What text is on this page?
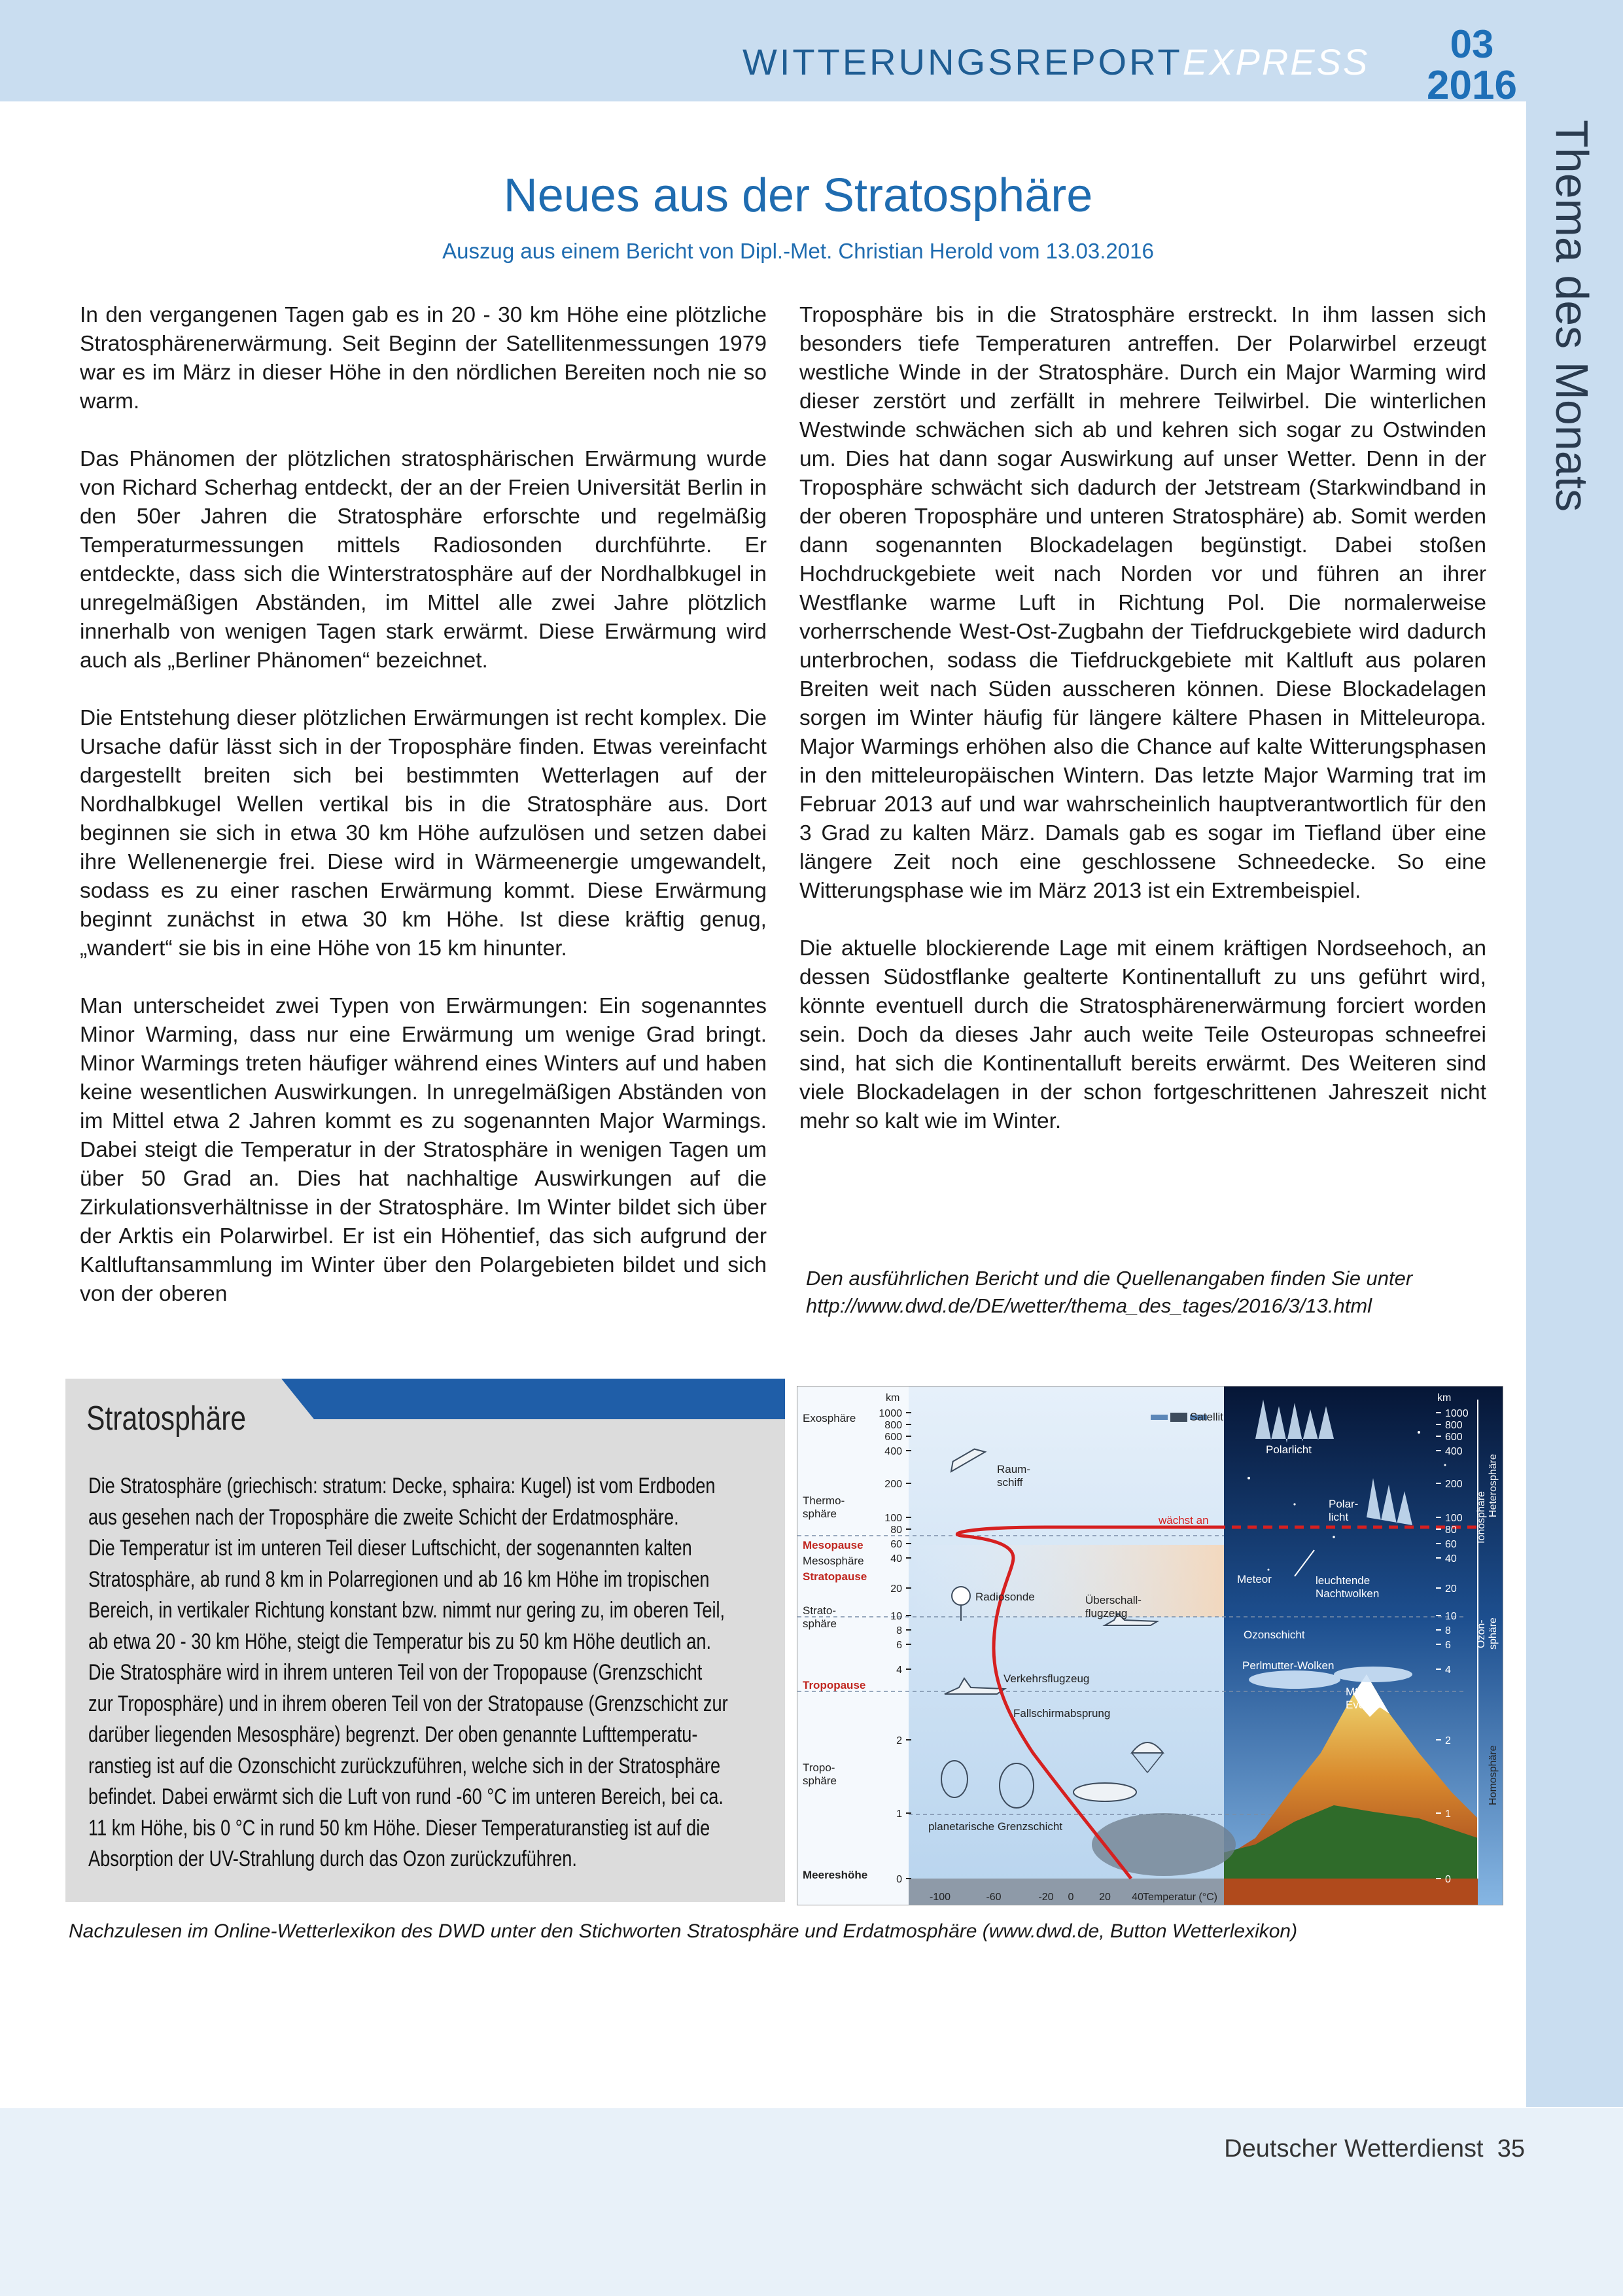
WITTERUNGSREPORTEXPRESS	03
2016
Thema des Monats
Neues aus der Stratosphäre
Auszug aus einem Bericht von Dipl.-Met. Christian Herold vom 13.03.2016

In den vergangenen Tagen gab es in 20 - 30 km Höhe eine plötzliche Stratosphärenerwärmung. Seit Beginn der Satellitenmessungen 1979 war es im März in dieser Höhe in den nördlichen Bereiten noch nie so warm.

Das Phänomen der plötzlichen stratosphärischen Erwärmung wurde von Richard Scherhag entdeckt, der an der Freien Universität Berlin in den 50er Jahren die Stratosphäre erforschte und regelmäßig Temperaturmessungen mittels Radiosonden durchführte. Er entdeckte, dass sich die Winterstratosphäre auf der Nordhalbkugel in unregelmäßigen Abständen, im Mittel alle zwei Jahre plötzlich innerhalb von wenigen Tagen stark erwärmt. Diese Erwärmung wird auch als „Berliner Phänomen“ bezeichnet.

Die Entstehung dieser plötzlichen Erwärmungen ist recht komplex. Die Ursache dafür lässt sich in der Troposphäre finden. Etwas vereinfacht dargestellt breiten sich bei bestimmten Wetterlagen auf der Nordhalbkugel Wellen vertikal bis in die Stratosphäre aus. Dort beginnen sie sich in etwa 30 km Höhe aufzulösen und setzen dabei ihre Wellenenergie frei. Diese wird in Wärmeenergie umgewandelt, sodass es zu einer raschen Erwärmung kommt. Diese Erwärmung beginnt zunächst in etwa 30 km Höhe. Ist diese kräftig genug, „wandert“ sie bis in eine Höhe von 15 km hinunter.

Man unterscheidet zwei Typen von Erwärmungen: Ein sogenanntes Minor Warming, dass nur eine Erwärmung um wenige Grad bringt. Minor Warmings treten häufiger während eines Winters auf und haben keine wesentlichen Auswirkungen. In unregelmäßigen Abständen von im Mittel etwa 2 Jahren kommt es zu sogenannten Major Warmings. Dabei steigt die Temperatur in der Stratosphäre in wenigen Tagen um über 50 Grad an. Dies hat nachhaltige Auswirkungen auf die Zirkulationsverhältnisse in der Stratosphäre. Im Winter bildet sich über der Arktis ein Polarwirbel. Er ist ein Höhentief, das sich aufgrund der Kaltluftansammlung im Winter über den Polargebieten bildet und sich von der oberen

Troposphäre bis in die Stratosphäre erstreckt. In ihm lassen sich besonders tiefe Temperaturen antreffen. Der Polarwirbel erzeugt westliche Winde in der Stratosphäre. Durch ein Major Warming wird dieser zerstört und zerfällt in mehrere Teilwirbel. Die winterlichen Westwinde schwächen sich ab und kehren sich sogar zu Ostwinden um. Dies hat dann sogar Auswirkung auf unser Wetter. Denn in der Troposphäre schwächt sich dadurch der Jetstream (Starkwindband in der oberen Troposphäre und unteren Stratosphäre) ab. Somit werden dann sogenannten Blockadelagen begünstigt. Dabei stoßen Hochdruckgebiete weit nach Norden vor und führen an ihrer Westflanke warme Luft in Richtung Pol. Die normalerweise vorherrschende West-Ost-Zugbahn der Tiefdruckgebiete wird dadurch unterbrochen, sodass die Tiefdruckgebiete mit Kaltluft aus polaren Breiten weit nach Süden ausscheren können. Diese Blockadelagen sorgen im Winter häufig für längere kältere Phasen in Mitteleuropa. Major Warmings erhöhen also die Chance auf kalte Witterungsphasen in den mitteleuropäischen Wintern. Das letzte Major Warming trat im Februar 2013 auf und war wahrscheinlich hauptverantwortlich für den 3 Grad zu kalten März. Damals gab es sogar im Tiefland über eine längere Zeit noch eine geschlossene Schneedecke. So eine Witterungsphase wie im März 2013 ist ein Extrembeispiel.

Die aktuelle blockierende Lage mit einem kräftigen Nordseehoch, an dessen Südostflanke gealterte Kontinentalluft zu uns geführt wird, könnte eventuell durch die Stratosphärenerwärmung forciert worden sein. Doch da dieses Jahr auch weite Teile Osteuropas schneefrei sind, hat sich die Kontinentalluft bereits erwärmt. Des Weiteren sind viele Blockadelagen in der schon fortgeschrittenen Jahreszeit nicht mehr so kalt wie im Winter.

Den ausführlichen Bericht und die Quellenangaben finden Sie unter
http://www.dwd.de/DE/wetter/thema_des_tages/2016/3/13.html
Stratosphäre
Die Stratosphäre (griechisch: stratum: Decke, sphaira: Kugel) ist vom Erdboden
aus gesehen nach der Troposphäre die zweite Schicht der Erdatmosphäre.
Die Temperatur ist im unteren Teil dieser Luftschicht, der sogenannten kalten
Stratosphäre, ab rund 8 km in Polarregionen und ab 16 km Höhe im tropischen
Bereich, in vertikaler Richtung konstant bzw. nimmt nur gering zu, im oberen Teil,
ab etwa 20 - 30 km Höhe, steigt die Temperatur bis zu 50 km Höhe deutlich an.
Die Stratosphäre wird in ihrem unteren Teil von der Tropopause (Grenzschicht
zur Troposphäre) und in ihrem oberen Teil von der Stratopause (Grenzschicht zur
darüber liegenden Mesosphäre) begrenzt. Der oben genannte Lufttemperatu-
ranstieg ist auf die Ozonschicht zurückzuführen, welche sich in der Stratosphäre
befindet. Dabei erwärmt sich die Luft von rund -60 °C im unteren Bereich, bei ca.
11 km Höhe, bis 0 °C in rund 50 km Höhe. Dieser Temperaturanstieg ist auf die
Absorption der UV-Strahlung durch das Ozon zurückzuführen.
1000
800
600
400
200
100
80
60
40
20
10
8
6
4
2
1
0
1000
800
600
400
200
100
80
60
40
20
10
8
6
4
2
1
0
-100	-60	-20 0 20 40 Temperatur (°C)
km	km
Exosphäre
Thermo-
sphäre
Mesopause
Mesosphäre
Stratopause
Strato-
sphäre
Tropopause
Tropo-
sphäre
Meereshöhe
Satellit
Raum-
schiff
Polarlicht
Polar-
licht
wächst an
Radiosonde	Überschall-
flugzeug
Meteor	leuchtende
Nachtwolken
Ozonschicht
Perlmutter-Wolken
Verkehrsflugzeug
Mt.
Everest
Fallschirmabsprung
planetarische Grenzschicht
Heterosphäre
Ionosphäre
Ozon- sphäre
Homosphäre
Nachzulesen im Online-Wetterlexikon des DWD unter den Stichworten Stratosphäre und Erdatmosphäre (www.dwd.de, Button Wetterlexikon)
Deutscher Wetterdienst 35
